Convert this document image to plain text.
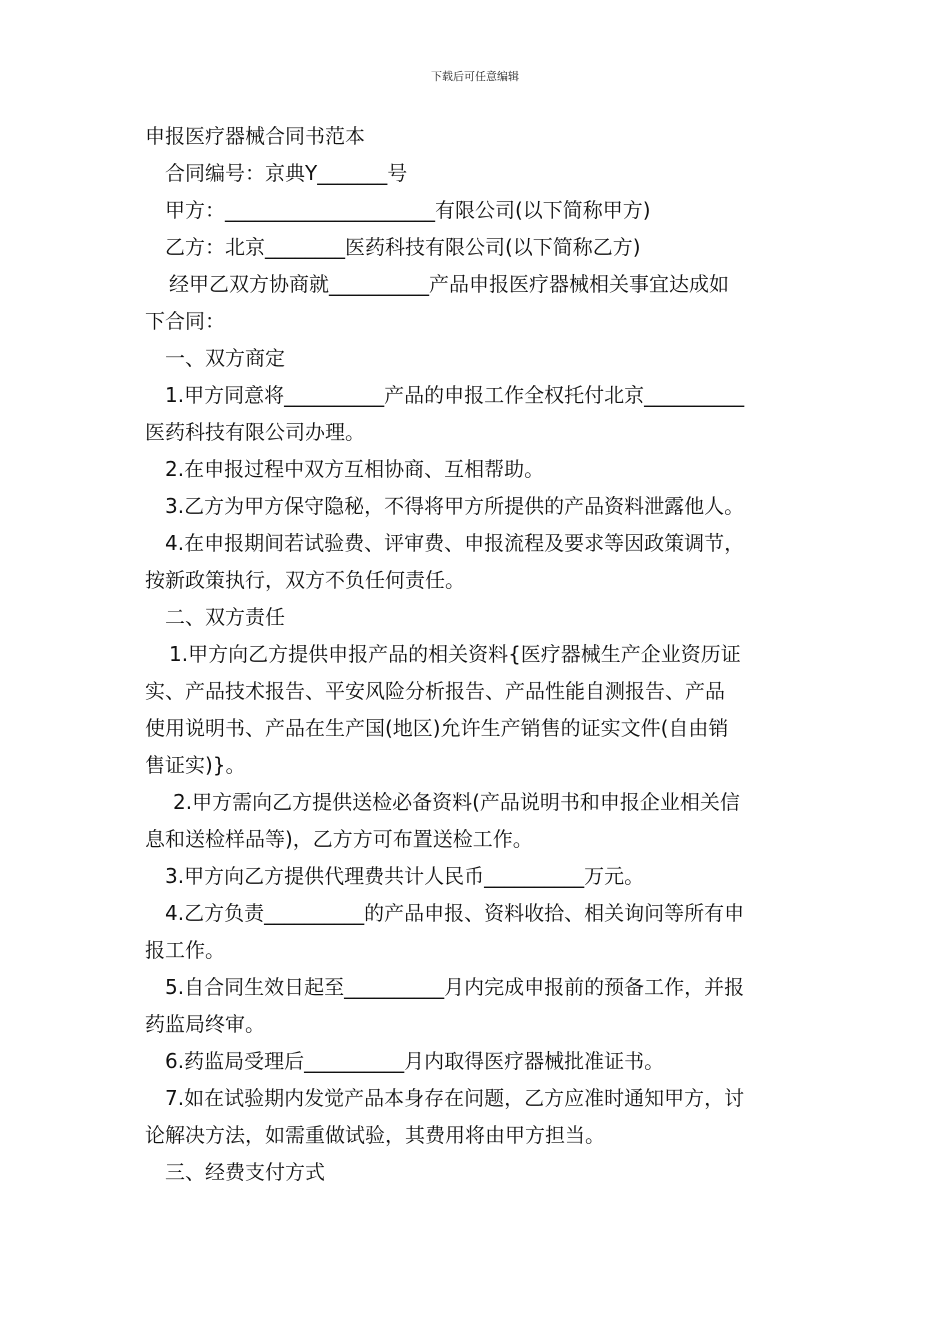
下载后可任意编辑
申报医疗器械合同书范本
合同编号：京典Y_______号
甲方：_____________________有限公司(以下简称甲方)
乙方：北京________医药科技有限公司(以下简称乙方)
经甲乙双方协商就__________产品申报医疗器械相关事宜达成如
下合同：
一、双方商定
1.甲方同意将__________产品的申报工作全权托付北京__________
医药科技有限公司办理。
2.在申报过程中双方互相协商、互相帮助。
3.乙方为甲方保守隐秘，不得将甲方所提供的产品资料泄露他人。
4.在申报期间若试验费、评审费、申报流程及要求等因政策调节，
按新政策执行，双方不负任何责任。
二、双方责任
1.甲方向乙方提供申报产品的相关资料{医疗器械生产企业资历证
实、产品技术报告、平安风险分析报告、产品性能自测报告、产品
使用说明书、产品在生产国(地区)允许生产销售的证实文件(自由销
售证实)}。
2.甲方需向乙方提供送检必备资料(产品说明书和申报企业相关信
息和送检样品等)，乙方方可布置送检工作。
3.甲方向乙方提供代理费共计人民币__________万元。
4.乙方负责__________的产品申报、资料收拾、相关询问等所有申
报工作。
5.自合同生效日起至__________月内完成申报前的预备工作，并报
药监局终审。
6.药监局受理后__________月内取得医疗器械批准证书。
7.如在试验期内发觉产品本身存在问题，乙方应准时通知甲方，讨
论解决方法，如需重做试验，其费用将由甲方担当。
三、经费支付方式
